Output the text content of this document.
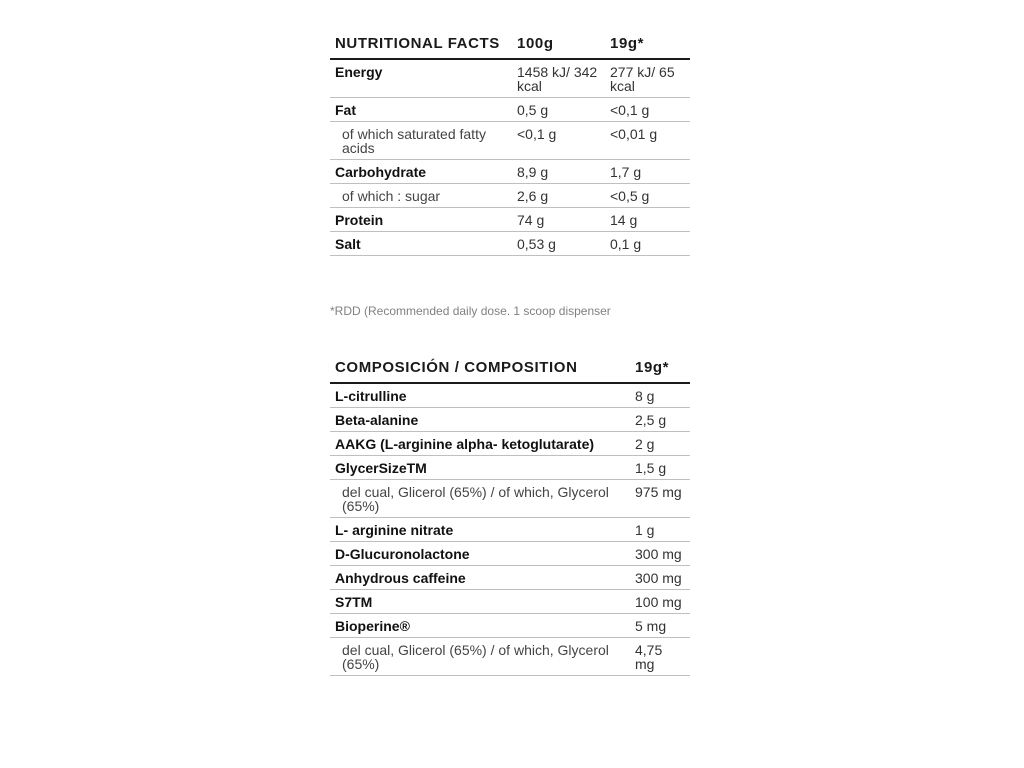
NUTRITIONAL FACTS	100g	19g*
Energy	1458 kJ/ 342 kcal	277 kJ/ 65 kcal
Fat	0,5 g	<0,1 g
of which saturated fatty acids	<0,1 g	<0,01 g
Carbohydrate	8,9 g	1,7 g
of which : sugar	2,6 g	<0,5 g
Protein	74 g	14 g
Salt	0,53 g	0,1 g
*RDD (Recommended daily dose. 1 scoop dispenser
COMPOSICIÓN / COMPOSITION	19g*
L-citrulline	8 g
Beta-alanine	2,5 g
AAKG (L-arginine alpha- ketoglutarate)	2 g
GlycerSizeTM	1,5 g
del cual, Glicerol (65%) / of which, Glycerol (65%)	975 mg
L- arginine nitrate	1 g
D-Glucuronolactone	300 mg
Anhydrous caffeine	300 mg
S7TM	100 mg
Bioperine®	5 mg
del cual, Glicerol (65%) / of which, Glycerol (65%)	4,75 mg
